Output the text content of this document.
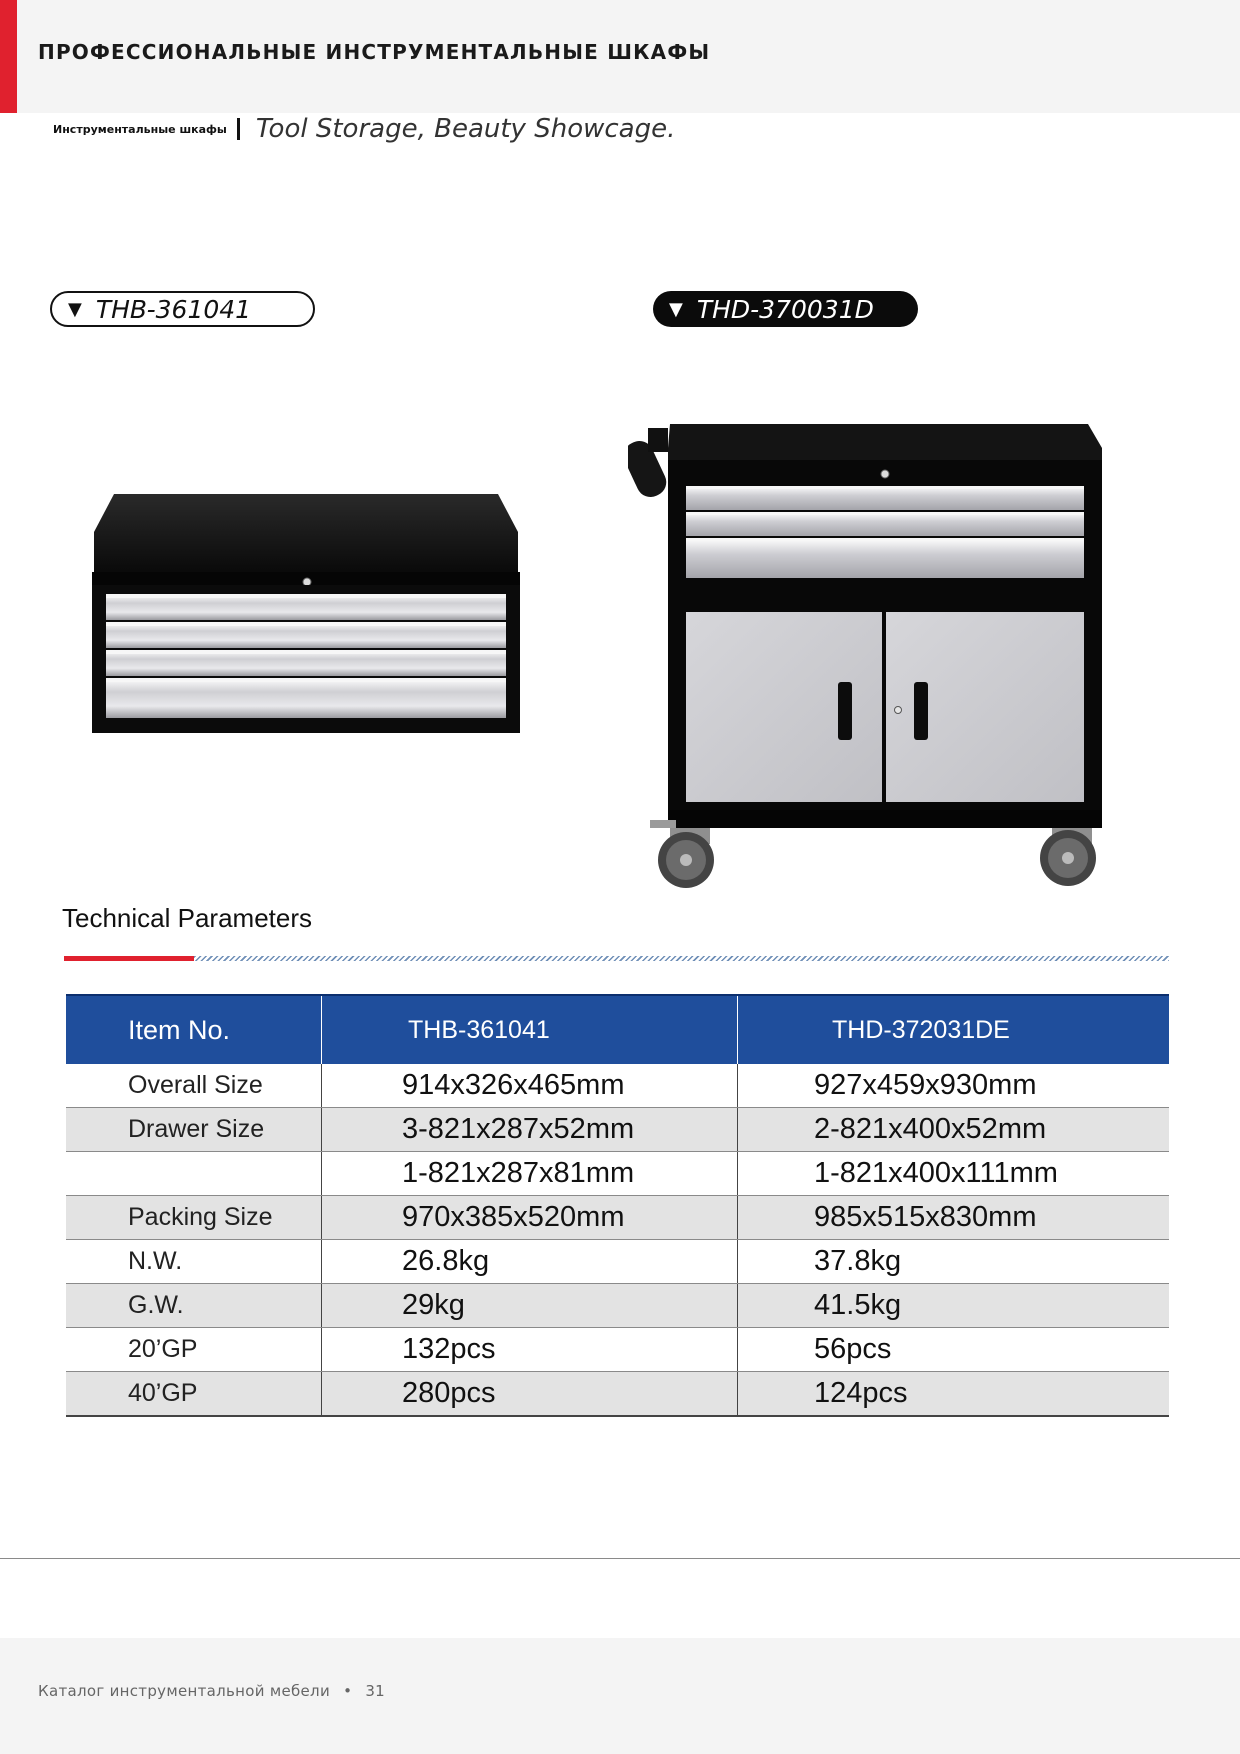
ПРОФЕССИОНАЛЬНЫЕ ИНСТРУМЕНТАЛЬНЫЕ ШКАФЫ
Инструментальные шкафы Tool Storage, Beauty Showcage.
▼ THB-361041	▼ THD-370031D
Technical Parameters
Item No.	THB-361041	THD-372031DE
Overall Size	914x326x465mm	927x459x930mm
Drawer Size	3-821x287x52mm	2-821x400x52mm
	1-821x287x81mm	1-821x400x111mm
Packing Size	970x385x520mm	985x515x830mm
N.W.	26.8kg	37.8kg
G.W.	29kg	41.5kg
20’GP	132pcs	56pcs
40’GP	280pcs	124pcs
Каталог инструментальной мебели • 31
